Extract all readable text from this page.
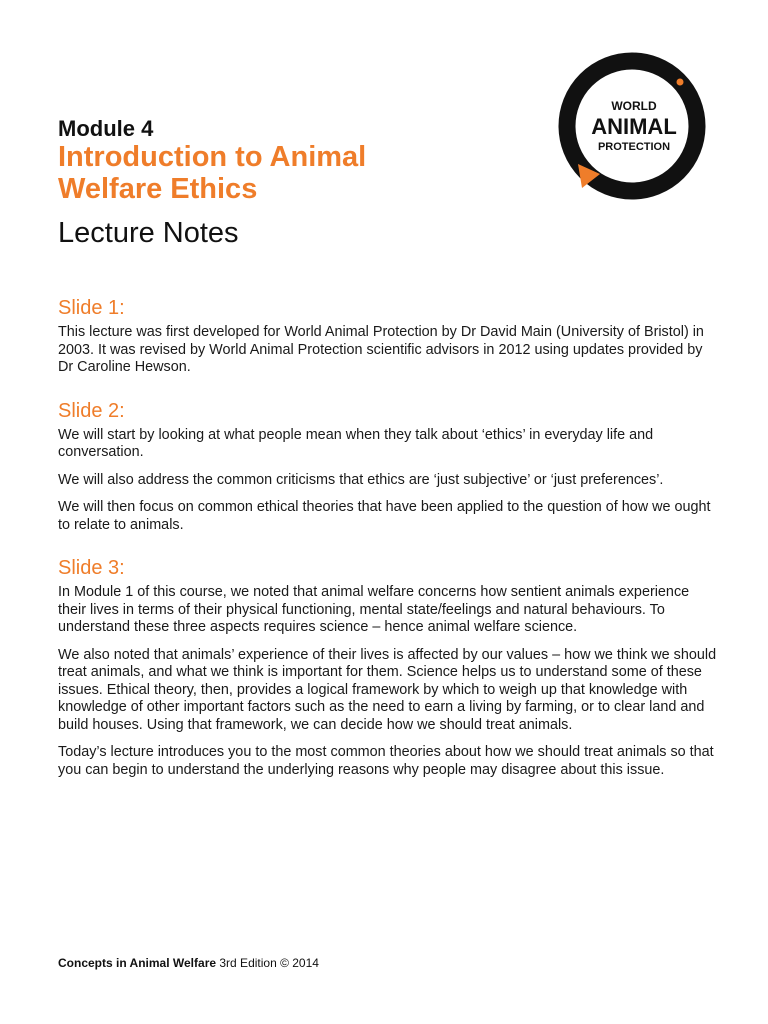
WORLD
ANIMAL
PROTECTION

Module 4

Introduction to Animal
Welfare Ethics
Lecture Notes
Slide 1:

This lecture was first developed for World Animal Protection by Dr David Main (University of Bristol) in 2003. It was revised by World Animal Protection scientific advisors in 2012 using updates provided by Dr Caroline Hewson.

Slide 2:

We will start by looking at what people mean when they talk about ‘ethics’ in everyday life and conversation.

We will also address the common criticisms that ethics are ‘just subjective’ or ‘just preferences’.

We will then focus on common ethical theories that have been applied to the question of how we ought to relate to animals.

Slide 3:

In Module 1 of this course, we noted that animal welfare concerns how sentient animals experience their lives in terms of their physical functioning, mental state/feelings and natural behaviours. To understand these three aspects requires science – hence animal welfare science.

We also noted that animals’ experience of their lives is affected by our values – how we think we should treat animals, and what we think is important for them. Science helps us to understand some of these issues. Ethical theory, then, provides a logical framework by which to weigh up that knowledge with knowledge of other important factors such as the need to earn a living by farming, or to clear land and build houses. Using that framework, we can decide how we should treat animals.

Today’s lecture introduces you to the most common theories about how we should treat animals so that you can begin to understand the underlying reasons why people may disagree about this issue.

Concepts in Animal Welfare 3rd Edition © 2014
